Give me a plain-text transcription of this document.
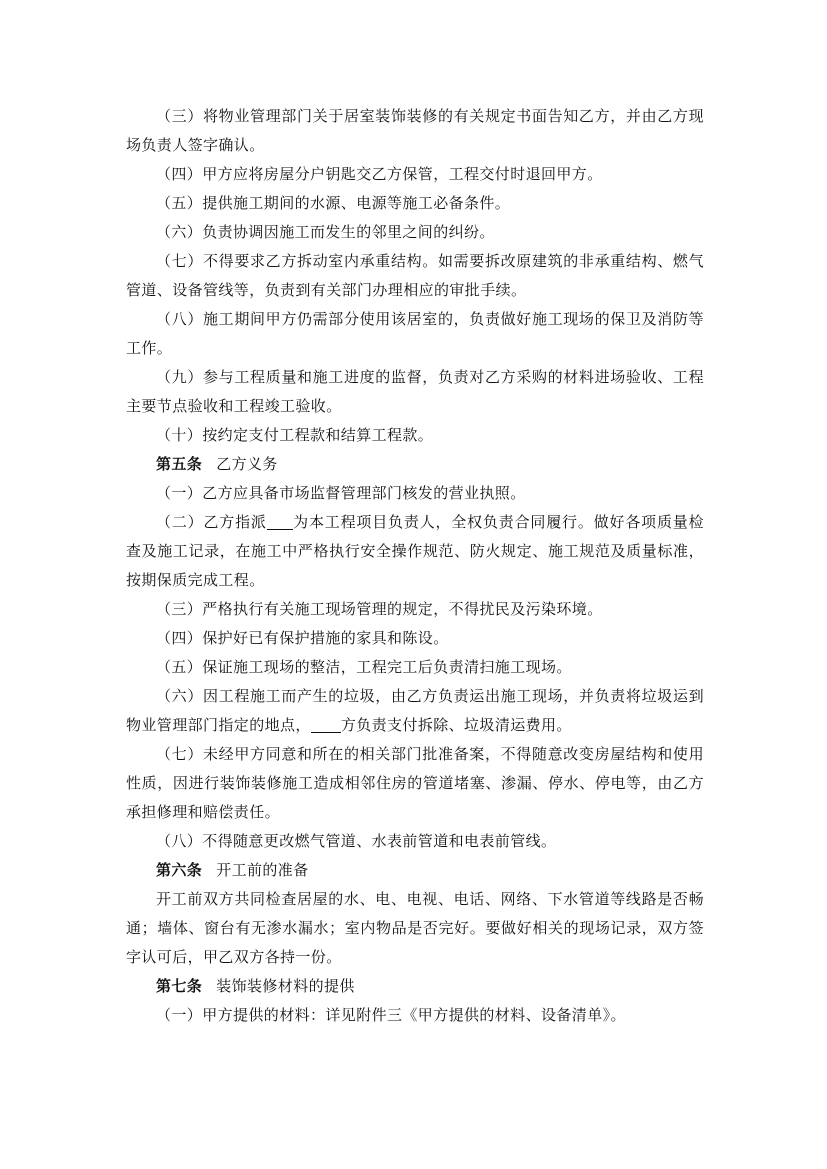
（三）将物业管理部门关于居室装饰装修的有关规定书面告知乙方，并由乙方现场负责人签字确认。

（四）甲方应将房屋分户钥匙交乙方保管，工程交付时退回甲方。

（五）提供施工期间的水源、电源等施工必备条件。

（六）负责协调因施工而发生的邻里之间的纠纷。

（七）不得要求乙方拆动室内承重结构。如需要拆改原建筑的非承重结构、燃气管道、设备管线等，负责到有关部门办理相应的审批手续。

（八）施工期间甲方仍需部分使用该居室的，负责做好施工现场的保卫及消防等工作。

（九）参与工程质量和施工进度的监督，负责对乙方采购的材料进场验收、工程主要节点验收和工程竣工验收。

（十）按约定支付工程款和结算工程款。

第五条 乙方义务

（一）乙方应具备市场监督管理部门核发的营业执照。

（二）乙方指派 为本工程项目负责人，全权负责合同履行。做好各项质量检查及施工记录，在施工中严格执行安全操作规范、防火规定、施工规范及质量标准，按期保质完成工程。

（三）严格执行有关施工现场管理的规定，不得扰民及污染环境。

（四）保护好已有保护措施的家具和陈设。

（五）保证施工现场的整洁，工程完工后负责清扫施工现场。

（六）因工程施工而产生的垃圾，由乙方负责运出施工现场，并负责将垃圾运到物业管理部门指定的地点， 方负责支付拆除、垃圾清运费用。

（七）未经甲方同意和所在的相关部门批准备案，不得随意改变房屋结构和使用性质，因进行装饰装修施工造成相邻住房的管道堵塞、渗漏、停水、停电等，由乙方承担修理和赔偿责任。

（八）不得随意更改燃气管道、水表前管道和电表前管线。

第六条 开工前的准备

开工前双方共同检查居屋的水、电、电视、电话、网络、下水管道等线路是否畅通；墙体、窗台有无渗水漏水；室内物品是否完好。要做好相关的现场记录，双方签字认可后，甲乙双方各持一份。

第七条 装饰装修材料的提供

（一）甲方提供的材料：详见附件三《甲方提供的材料、设备清单》。
